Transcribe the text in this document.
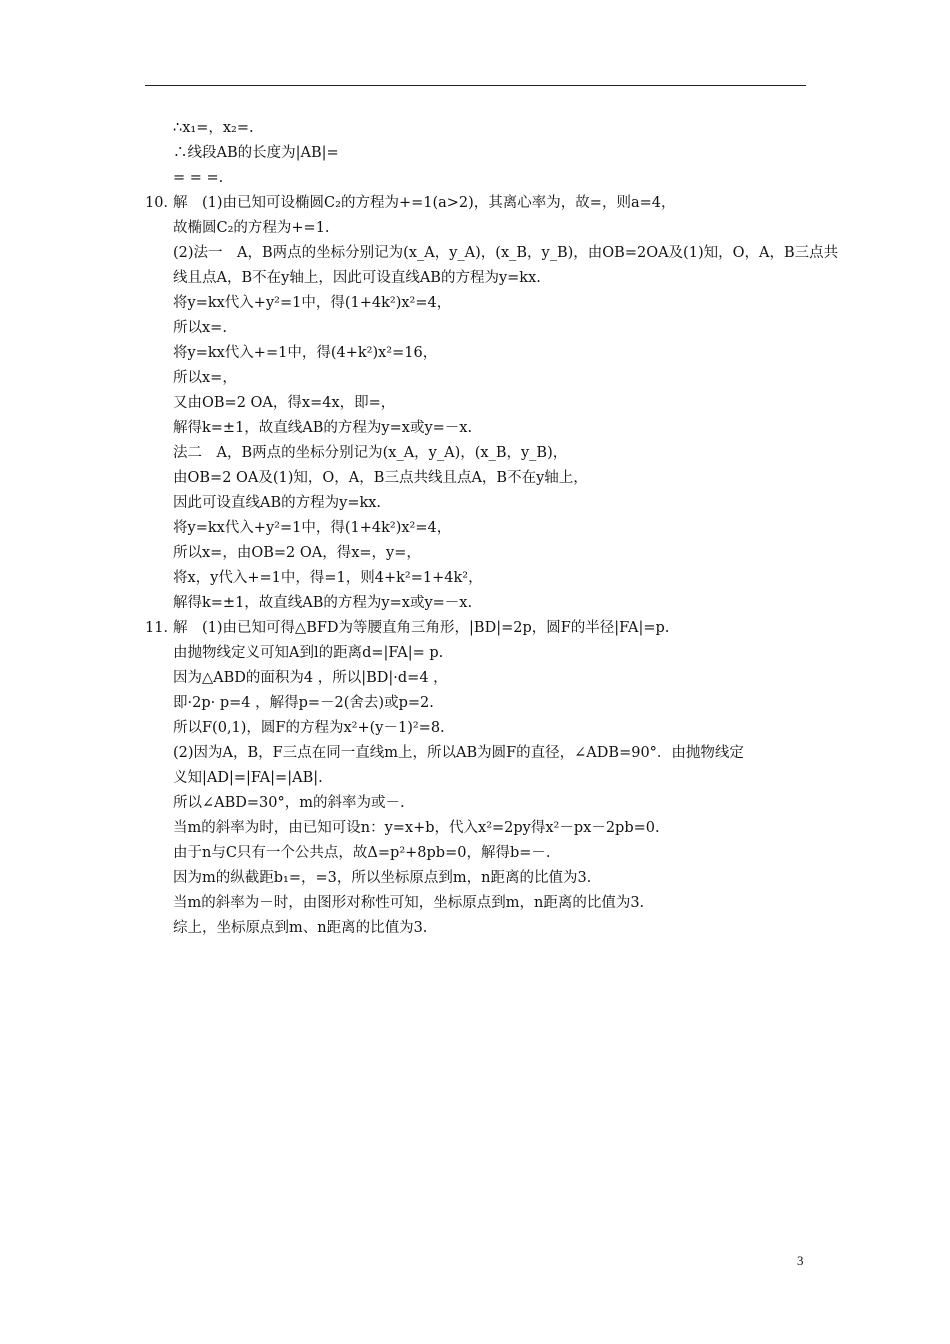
∴x₁=，x₂=.
∴线段AB的长度为|AB|=
= = =.
10．解　(1)由已知可设椭圆C₂的方程为+=1(a>2)，其离心率为，故=，则a=4，
故椭圆C₂的方程为+=1.
(2)法一　A，B两点的坐标分别记为(x_A，y_A)，(x_B，y_B)，由OB=2OA及(1)知，O，A，B三点共
线且点A，B不在y轴上，因此可设直线AB的方程为y=kx.
将y=kx代入+y²=1中，得(1+4k²)x²=4，
所以x=.
将y=kx代入+=1中，得(4+k²)x²=16，
所以x=，
又由OB=2 OA，得x=4x，即=，
解得k=±1，故直线AB的方程为y=x或y=－x.
法二　A，B两点的坐标分别记为(x_A，y_A)，(x_B，y_B)，
由OB=2 OA及(1)知，O，A，B三点共线且点A，B不在y轴上，
因此可设直线AB的方程为y=kx.
将y=kx代入+y²=1中，得(1+4k²)x²=4，
所以x=，由OB=2 OA，得x=，y=，
将x，y代入+=1中，得=1，则4+k²=1+4k²，
解得k=±1，故直线AB的方程为y=x或y=－x.
11．解　(1)由已知可得△BFD为等腰直角三角形，|BD|=2p，圆F的半径|FA|=p.
由抛物线定义可知A到l的距离d=|FA|= p.
因为△ABD的面积为4 ，所以|BD|·d=4 ，
即·2p· p=4 ，解得p=－2(舍去)或p=2.
所以F(0,1)，圆F的方程为x²+(y－1)²=8.
(2)因为A，B，F三点在同一直线m上，所以AB为圆F的直径，∠ADB=90°．由抛物线定
义知|AD|=|FA|=|AB|.
所以∠ABD=30°，m的斜率为或－.
当m的斜率为时，由已知可设n：y=x+b，代入x²=2py得x²－px－2pb=0.
由于n与C只有一个公共点，故Δ=p²+8pb=0，解得b=－.
因为m的纵截距b₁=，=3，所以坐标原点到m，n距离的比值为3.
当m的斜率为－时，由图形对称性可知，坐标原点到m，n距离的比值为3.
综上，坐标原点到m、n距离的比值为3.
3
